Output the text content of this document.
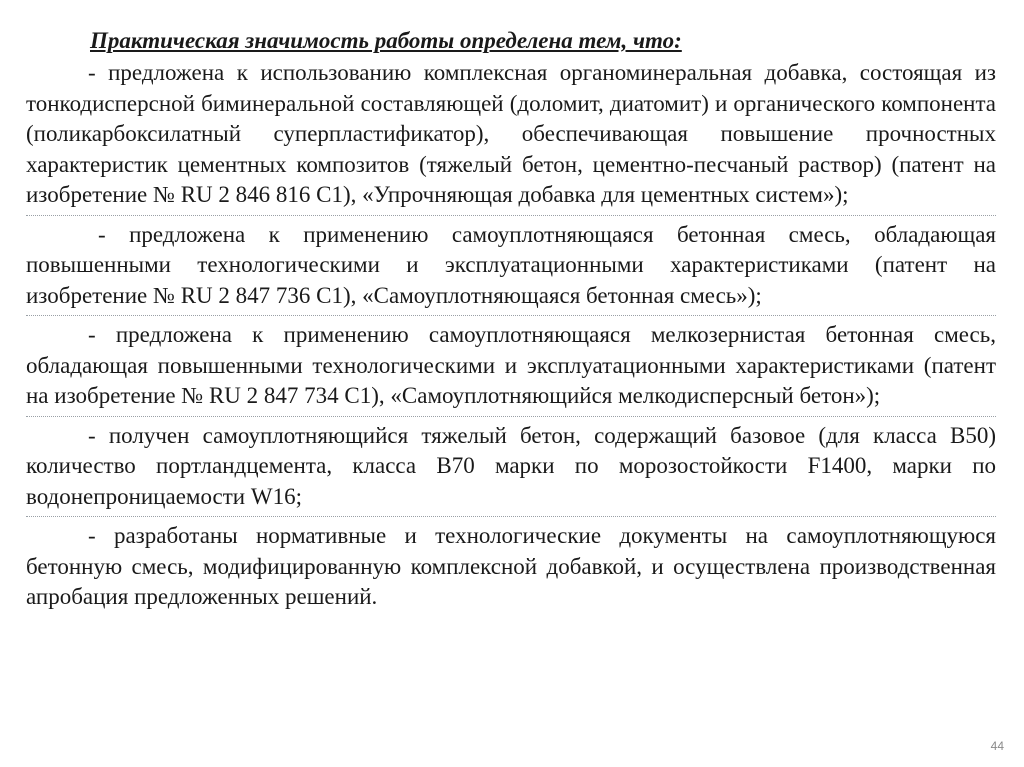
Практическая значимость работы определена тем, что:

- предложена к использованию комплексная органоминеральная добавка, состоящая из тонкодисперсной биминеральной составляющей (доломит, диатомит) и органического компонента (поликарбоксилатный суперпластификатор), обеспечивающая повышение прочностных характеристик цементных композитов (тяжелый бетон, цементно-песчаный раствор) (патент на изобретение № RU 2 846 816 С1), «Упрочняющая добавка для цементных систем»);

- предложена к применению самоуплотняющаяся бетонная смесь, обладающая повышенными технологическими и эксплуатационными характеристиками (патент на изобретение № RU 2 847 736 С1), «Самоуплотняющаяся бетонная смесь»);

- предложена к применению самоуплотняющаяся мелкозернистая бетонная смесь, обладающая повышенными технологическими и эксплуатационными характеристиками (патент на изобретение № RU 2 847 734 С1), «Самоуплотняющийся мелкодисперсный бетон»);

- получен самоуплотняющийся тяжелый бетон, содержащий базовое (для класса В50) количество портландцемента, класса В70 марки по морозостойкости F1400, марки по водонепроницаемости W16;

- разработаны нормативные и технологические документы на самоуплотняющуюся бетонную смесь, модифицированную комплексной добавкой, и осуществлена производственная апробация предложенных решений.

44
